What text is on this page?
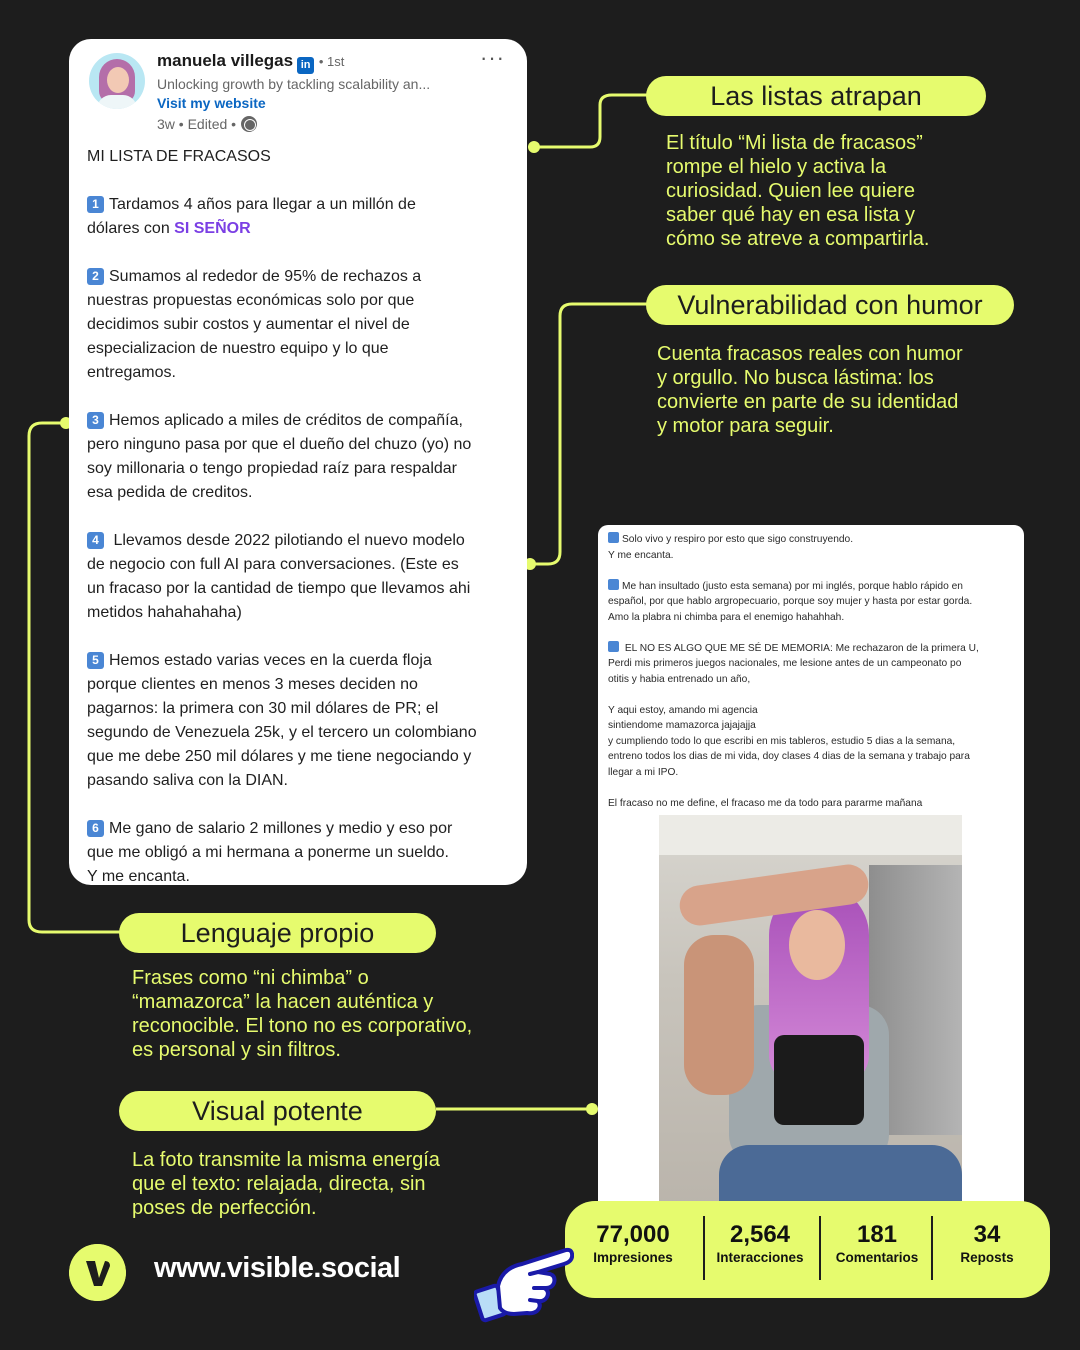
manuela villegas in • 1st	···
Unlocking growth by tackling scalability an...
Visit my website
3w • Edited •
MI LISTA DE FRACASOS
1 Tardamos 4 años para llegar a un millón de
dólares con SI SEÑOR
2 Sumamos al rededor de 95% de rechazos a
nuestras propuestas económicas solo por que
decidimos subir costos y aumentar el nivel de
especializacion de nuestro equipo y lo que
entregamos.
3 Hemos aplicado a miles de créditos de compañía,
pero ninguno pasa por que el dueño del chuzo (yo) no
soy millonaria o tengo propiedad raíz para respaldar
esa pedida de creditos.
4 Llevamos desde 2022 pilotiando el nuevo modelo
de negocio con full AI para conversaciones. (Este es
un fracaso por la cantidad de tiempo que llevamos ahi
metidos hahahahaha)
5 Hemos estado varias veces en la cuerda floja
porque clientes en menos 3 meses deciden no
pagarnos: la primera con 30 mil dólares de PR; el
segundo de Venezuela 25k, y el tercero un colombiano
que me debe 250 mil dólares y me tiene negociando y
pasando saliva con la DIAN.
6 Me gano de salario 2 millones y medio y eso por
que me obligó a mi hermana a ponerme un sueldo.
Y me encanta.
Las listas atrapan
El título “Mi lista de fracasos”
rompe el hielo y activa la
curiosidad. Quien lee quiere
saber qué hay en esa lista y
cómo se atreve a compartirla.
Vulnerabilidad con humor
Cuenta fracasos reales con humor
y orgullo. No busca lástima: los
convierte en parte de su identidad
y motor para seguir.
Lenguaje propio
Frases como “ni chimba” o
“mamazorca” la hacen auténtica y
reconocible. El tono no es corporativo,
es personal y sin filtros.
Visual potente
La foto transmite la misma energía
que el texto: relajada, directa, sin
poses de perfección.
Solo vivo y respiro por esto que sigo construyendo.
Y me encanta.
Me han insultado (justo esta semana) por mi inglés, porque hablo rápido en
español, por que hablo argropecuario, porque soy mujer y hasta por estar gorda.
Amo la plabra ni chimba para el enemigo hahahhah.
EL NO ES ALGO QUE ME SÉ DE MEMORIA: Me rechazaron de la primera U,
Perdi mis primeros juegos nacionales, me lesione antes de un campeonato po
otitis y habia entrenado un año,
Y aqui estoy, amando mi agencia
sintiendome mamazorca jajajajja
y cumpliendo todo lo que escribi en mis tableros, estudio 5 dias a la semana,
entreno todos los dias de mi vida, doy clases 4 dias de la semana y trabajo para
llegar a mi IPO.
El fracaso no me define, el fracaso me da todo para pararme mañana
77,000
Impresiones
2,564
Interacciones
181
Comentarios
34
Reposts
www.visible.social
